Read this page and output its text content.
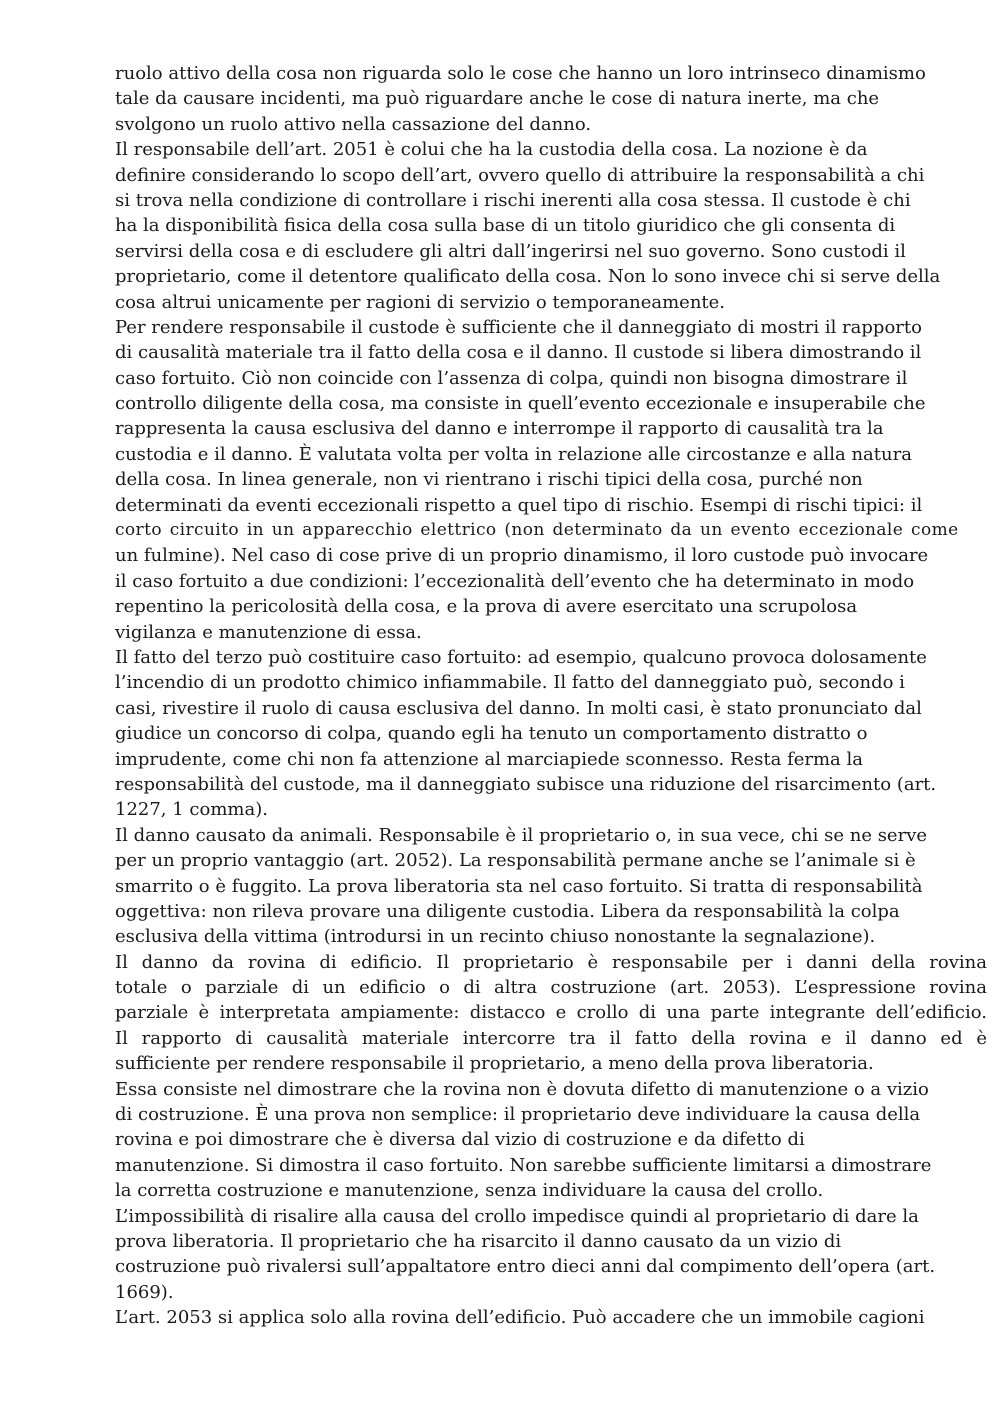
ruolo attivo della cosa non riguarda solo le cose che hanno un loro intrinseco dinamismo
tale da causare incidenti, ma può riguardare anche le cose di natura inerte, ma che
svolgono un ruolo attivo nella cassazione del danno.
Il responsabile dell’art. 2051 è colui che ha la custodia della cosa. La nozione è da
definire considerando lo scopo dell’art, ovvero quello di attribuire la responsabilità a chi
si trova nella condizione di controllare i rischi inerenti alla cosa stessa. Il custode è chi
ha la disponibilità fisica della cosa sulla base di un titolo giuridico che gli consenta di
servirsi della cosa e di escludere gli altri dall’ingerirsi nel suo governo. Sono custodi il
proprietario, come il detentore qualificato della cosa. Non lo sono invece chi si serve della
cosa altrui unicamente per ragioni di servizio o temporaneamente.
Per rendere responsabile il custode è sufficiente che il danneggiato di mostri il rapporto
di causalità materiale tra il fatto della cosa e il danno. Il custode si libera dimostrando il
caso fortuito. Ciò non coincide con l’assenza di colpa, quindi non bisogna dimostrare il
controllo diligente della cosa, ma consiste in quell’evento eccezionale e insuperabile che
rappresenta la causa esclusiva del danno e interrompe il rapporto di causalità tra la
custodia e il danno. È valutata volta per volta in relazione alle circostanze e alla natura
della cosa. In linea generale, non vi rientrano i rischi tipici della cosa, purché non
determinati da eventi eccezionali rispetto a quel tipo di rischio. Esempi di rischi tipici: il
corto circuito in un apparecchio elettrico (non determinato da un evento eccezionale come
un fulmine). Nel caso di cose prive di un proprio dinamismo, il loro custode può invocare
il caso fortuito a due condizioni: l’eccezionalità dell’evento che ha determinato in modo
repentino la pericolosità della cosa, e la prova di avere esercitato una scrupolosa
vigilanza e manutenzione di essa.
Il fatto del terzo può costituire caso fortuito: ad esempio, qualcuno provoca dolosamente
l’incendio di un prodotto chimico infiammabile. Il fatto del danneggiato può, secondo i
casi, rivestire il ruolo di causa esclusiva del danno. In molti casi, è stato pronunciato dal
giudice un concorso di colpa, quando egli ha tenuto un comportamento distratto o
imprudente, come chi non fa attenzione al marciapiede sconnesso. Resta ferma la
responsabilità del custode, ma il danneggiato subisce una riduzione del risarcimento (art.
1227, 1 comma).
Il danno causato da animali. Responsabile è il proprietario o, in sua vece, chi se ne serve
per un proprio vantaggio (art. 2052). La responsabilità permane anche se l’animale si è
smarrito o è fuggito. La prova liberatoria sta nel caso fortuito. Si tratta di responsabilità
oggettiva: non rileva provare una diligente custodia. Libera da responsabilità la colpa
esclusiva della vittima (introdursi in un recinto chiuso nonostante la segnalazione).
Il danno da rovina di edificio. Il proprietario è responsabile per i danni della rovina
totale o parziale di un edificio o di altra costruzione (art. 2053). L’espressione rovina
parziale è interpretata ampiamente: distacco e crollo di una parte integrante dell’edificio.
Il rapporto di causalità materiale intercorre tra il fatto della rovina e il danno ed è
sufficiente per rendere responsabile il proprietario, a meno della prova liberatoria.
Essa consiste nel dimostrare che la rovina non è dovuta difetto di manutenzione o a vizio
di costruzione. È una prova non semplice: il proprietario deve individuare la causa della
rovina e poi dimostrare che è diversa dal vizio di costruzione e da difetto di
manutenzione. Si dimostra il caso fortuito. Non sarebbe sufficiente limitarsi a dimostrare
la corretta costruzione e manutenzione, senza individuare la causa del crollo.
L’impossibilità di risalire alla causa del crollo impedisce quindi al proprietario di dare la
prova liberatoria. Il proprietario che ha risarcito il danno causato da un vizio di
costruzione può rivalersi sull’appaltatore entro dieci anni dal compimento dell’opera (art.
1669).
L’art. 2053 si applica solo alla rovina dell’edificio. Può accadere che un immobile cagioni
